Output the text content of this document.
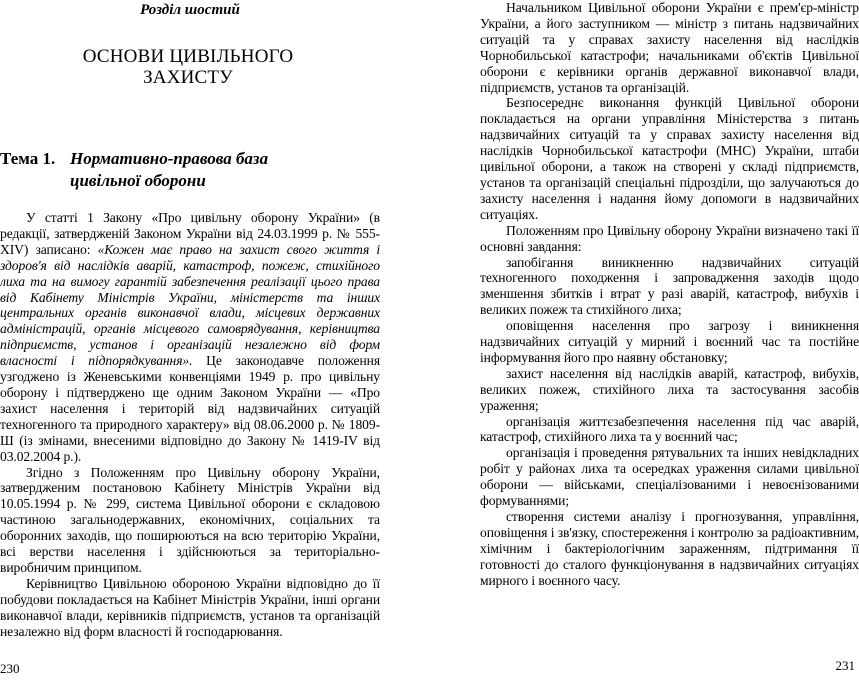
Розділ шостий
ОСНОВИ ЦИВІЛЬНОГО ЗАХИСТУ
Тема 1. Нормативно-правова база цивільної оборони

У статті 1 Закону «Про цивільну оборону України» (в редакції, затвердженій Законом України від 24.03.1999 р. № 555-XIV) записано: «Кожен має право на захист свого життя і здоров'я від наслідків аварій, катастроф, пожеж, стихійного лиха та на вимогу гарантій забезпечення реалізації цього права від Кабінету Міністрів України, міністерств та інших центральних органів виконавчої влади, місцевих державних адміністрацій, органів місцевого самоврядування, керівництва підприємств, установ і організацій незалежно від форм власності і підпорядкування». Це законодавче положення узгоджено із Женевськими конвенціями 1949 р. про цивільну оборону і підтверджено ще одним Законом України — «Про захист населення і територій від надзвичайних ситуацій техногенного та природного характеру» від 08.06.2000 р. № 1809-Ш (із змінами, внесеними відповідно до Закону № 1419-IV від 03.02.2004 р.).

Згідно з Положенням про Цивільну оборону України, затвердженим постановою Кабінету Міністрів України від 10.05.1994 р. № 299, система Цивільної оборони є складовою частиною загальнодержавних, економічних, соціальних та оборонних заходів, що поширюються на всю територію України, всі верстви населення і здійснюються за територіально-виробничим принципом.

Керівництво Цивільною обороною України відповідно до її побудови покладається на Кабінет Міністрів України, інші органи виконавчої влади, керівників підприємств, установ та організацій незалежно від форм власності й господарювання.

230

Начальником Цивільної оборони України є прем'єр-міністр України, а його заступником — міністр з питань надзвичайних ситуацій та у справах захисту населення від наслідків Чорнобильської катастрофи; начальниками об'єктів Цивільної оборони є керівники органів державної виконавчої влади, підприємств, установ та організацій.

Безпосереднє виконання функцій Цивільної оборони покладається на органи управління Міністерства з питань надзвичайних ситуацій та у справах захисту населення від наслідків Чорнобильської катастрофи (МНС) України, штаби цивільної оборони, а також на створені у складі підприємств, установ та організацій спеціальні підрозділи, що залучаються до захисту населення і надання йому допомоги в надзвичайних ситуаціях.

Положенням про Цивільну оборону України визначено такі її основні завдання:

запобігання виникненню надзвичайних ситуацій техногенного походження і запровадження заходів щодо зменшення збитків і втрат у разі аварій, катастроф, вибухів і великих пожеж та стихійного лиха;

оповіщення населення про загрозу і виникнення надзвичайних ситуацій у мирний і воєнний час та постійне інформування його про наявну обстановку;

захист населення від наслідків аварій, катастроф, вибухів, великих пожеж, стихійного лиха та застосування засобів ураження;

організація життєзабезпечення населення під час аварій, катастроф, стихійного лиха та у воєнний час;

організація і проведення рятувальних та інших невідкладних робіт у районах лиха та осередках ураження силами цивільної оборони — військами, спеціалізованими і невоєнізованими формуваннями;

створення системи аналізу і прогнозування, управління, оповіщення і зв'язку, спостереження і контролю за радіоактивним, хімічним і бактеріологічним зараженням, підтримання її готовності до сталого функціонування в надзвичайних ситуаціях мирного і воєнного часу.

231
